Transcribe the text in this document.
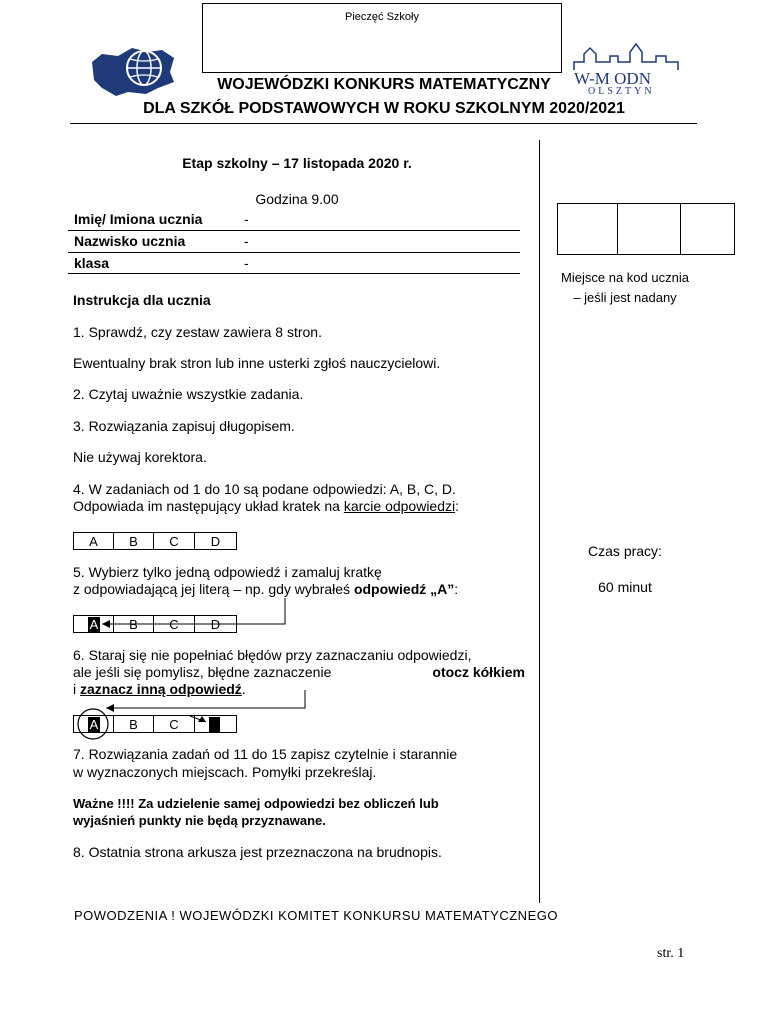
Pieczęć Szkoły
W-M ODN
OLSZTYN
WOJEWÓDZKI KONKURS MATEMATYCZNY
DLA SZKÓŁ PODSTAWOWYCH W ROKU SZKOLNYM 2020/2021
Etap szkolny – 17 listopada 2020 r.
Godzina 9.00
Imię/ Imiona ucznia	-
Nazwisko ucznia	-
klasa	-
Miejsce na kod ucznia
– jeśli jest nadany
Czas pracy:
60 minut
Instrukcja dla ucznia
1. Sprawdź, czy zestaw zawiera 8 stron.
Ewentualny brak stron lub inne usterki zgłoś nauczycielowi.
2. Czytaj uważnie wszystkie zadania.
3. Rozwiązania zapisuj długopisem.
Nie używaj korektora.
4. W zadaniach od 1 do 10 są podane odpowiedzi: A, B, C, D.
Odpowiada im następujący układ kratek na karcie odpowiedzi:
A	B	C	D
5. Wybierz tylko jedną odpowiedź i zamaluj kratkę
z odpowiadającą jej literą – np. gdy wybrałeś odpowiedź „A”:
A	B	C	D
6. Staraj się nie popełniać błędów przy zaznaczaniu odpowiedzi,
ale jeśli się pomylisz, błędne zaznaczenie	otocz kółkiem
i zaznacz inną odpowiedź.
A	B	C
7. Rozwiązania zadań od 11 do 15 zapisz czytelnie i starannie
w wyznaczonych miejscach. Pomyłki przekreślaj.
Ważne !!!! Za udzielenie samej odpowiedzi bez obliczeń lub
wyjaśnień punkty nie będą przyznawane.
8. Ostatnia strona arkusza jest przeznaczona na brudnopis.
POWODZENIA ! WOJEWÓDZKI KOMITET KONKURSU MATEMATYCZNEGO
str. 1
